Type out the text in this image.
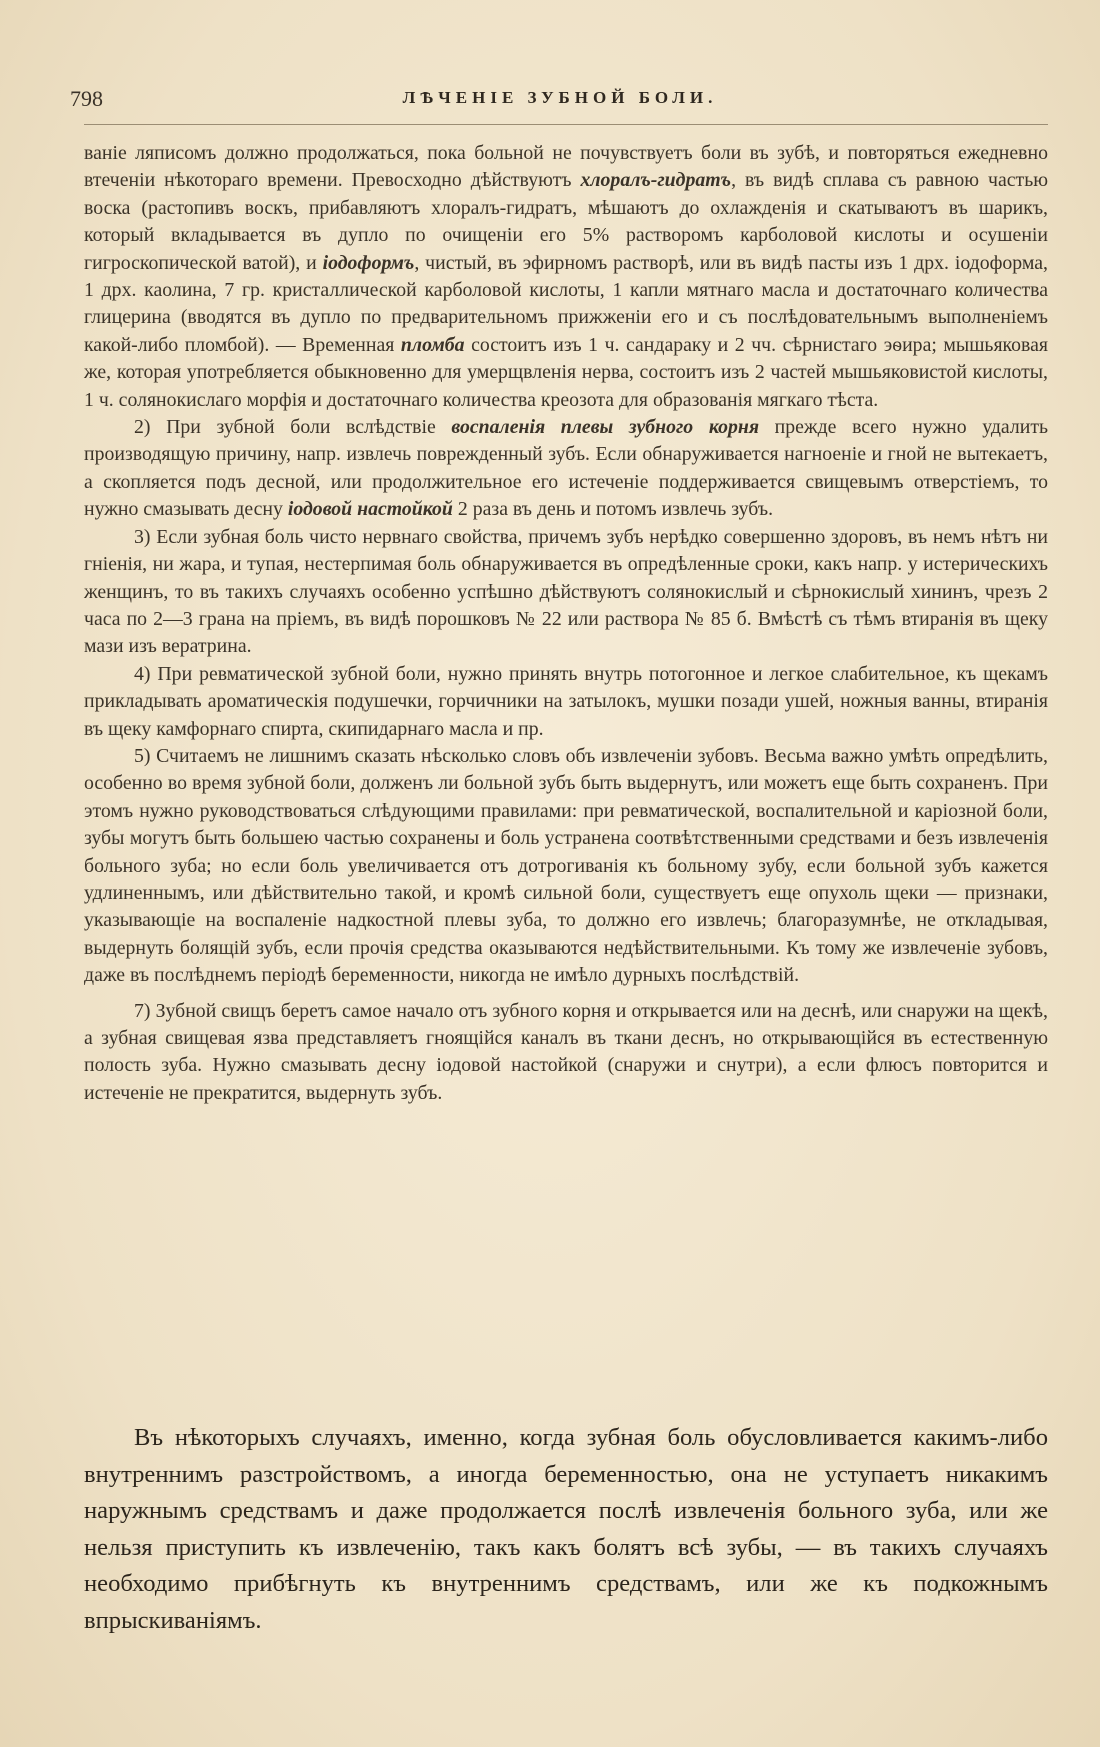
798	ЛѢЧЕНІЕ ЗУБНОЙ БОЛИ.

ваніе ляписомъ должно продолжаться, пока больной не почувствуетъ боли въ зубѣ, и повторяться ежедневно втеченіи нѣкотораго времени. Превосходно дѣйствуютъ хлоралъ-гидратъ, въ видѣ сплава съ равною частью воска (растопивъ воскъ, прибавляютъ хлоралъ-гидратъ, мѣшаютъ до охлажденія и скатываютъ въ шарикъ, который вкладывается въ дупло по очищеніи его 5% растворомъ карболовой кислоты и осушеніи гигроскопической ватой), и іодоформъ, чистый, въ эфирномъ растворѣ, или въ видѣ пасты изъ 1 дрх. іодоформа, 1 дрх. каолина, 7 гр. кристаллической карболовой кислоты, 1 капли мятнаго масла и достаточнаго количества глицерина (вводятся въ дупло по предварительномъ прижженіи его и съ послѣдовательнымъ выполненіемъ какой-либо пломбой). — Временная пломба состоитъ изъ 1 ч. сандараку и 2 чч. сѣрнистаго эѳира; мышьяковая же, которая употребляется обыкновенно для умерщвленія нерва, состоитъ изъ 2 частей мышьяковистой кислоты, 1 ч. солянокислаго морфія и достаточнаго количества креозота для образованія мягкаго тѣста.

2) При зубной боли вслѣдствіе воспаленія плевы зубного корня прежде всего нужно удалить производящую причину, напр. извлечь поврежденный зубъ. Если обнаруживается нагноеніе и гной не вытекаетъ, а скопляется подъ десной, или продолжительное его истеченіе поддерживается свищевымъ отверстіемъ, то нужно смазывать десну іодовой настойкой 2 раза въ день и потомъ извлечь зубъ.

3) Если зубная боль чисто нервнаго свойства, причемъ зубъ нерѣдко совершенно здоровъ, въ немъ нѣтъ ни гніенія, ни жара, и тупая, нестерпимая боль обнаруживается въ опредѣленные сроки, какъ напр. у истерическихъ женщинъ, то въ такихъ случаяхъ особенно успѣшно дѣйствуютъ солянокислый и сѣрнокислый хининъ, чрезъ 2 часа по 2—3 грана на пріемъ, въ видѣ порошковъ № 22 или раствора № 85 б. Вмѣстѣ съ тѣмъ втиранія въ щеку мази изъ вератрина.

4) При ревматической зубной боли, нужно принять внутрь потогонное и легкое слабительное, къ щекамъ прикладывать ароматическія подушечки, горчичники на затылокъ, мушки позади ушей, ножныя ванны, втиранія въ щеку камфорнаго спирта, скипидарнаго масла и пр.

5) Считаемъ не лишнимъ сказать нѣсколько словъ объ извлеченіи зубовъ. Весьма важно умѣть опредѣлить, особенно во время зубной боли, долженъ ли больной зубъ быть выдернутъ, или можетъ еще быть сохраненъ. При этомъ нужно руководствоваться слѣдующими правилами: при ревматической, воспалительной и каріозной боли, зубы могутъ быть большею частью сохранены и боль устранена соотвѣтственными средствами и безъ извлеченія больного зуба; но если боль увеличивается отъ дотрогиванія къ больному зубу, если больной зубъ кажется удлиненнымъ, или дѣйствительно такой, и кромѣ сильной боли, существуетъ еще опухоль щеки — признаки, указывающіе на воспаленіе надкостной плевы зуба, то должно его извлечь; благоразумнѣе, не откладывая, выдернуть болящій зубъ, если прочія средства оказываются недѣйствительными. Къ тому же извлеченіе зубовъ, даже въ послѣднемъ періодѣ беременности, никогда не имѣло дурныхъ послѣдствій.

7) Зубной свищъ беретъ самое начало отъ зубного корня и открывается или на деснѣ, или снаружи на щекѣ, а зубная свищевая язва представляетъ гноящійся каналъ въ ткани деснъ, но открывающійся въ естественную полость зуба. Нужно смазывать десну іодовой настойкой (снаружи и снутри), а если флюсъ повторится и истеченіе не прекратится, выдернуть зубъ.

Въ нѣкоторыхъ случаяхъ, именно, когда зубная боль обусловливается какимъ-либо внутреннимъ разстройствомъ, а иногда беременностью, она не уступаетъ никакимъ наружнымъ средствамъ и даже продолжается послѣ извлеченія больного зуба, или же нельзя приступить къ извлеченію, такъ какъ болятъ всѣ зубы, — въ такихъ случаяхъ необходимо прибѣгнуть къ внутреннимъ средствамъ, или же къ подкожнымъ впрыскиваніямъ.
